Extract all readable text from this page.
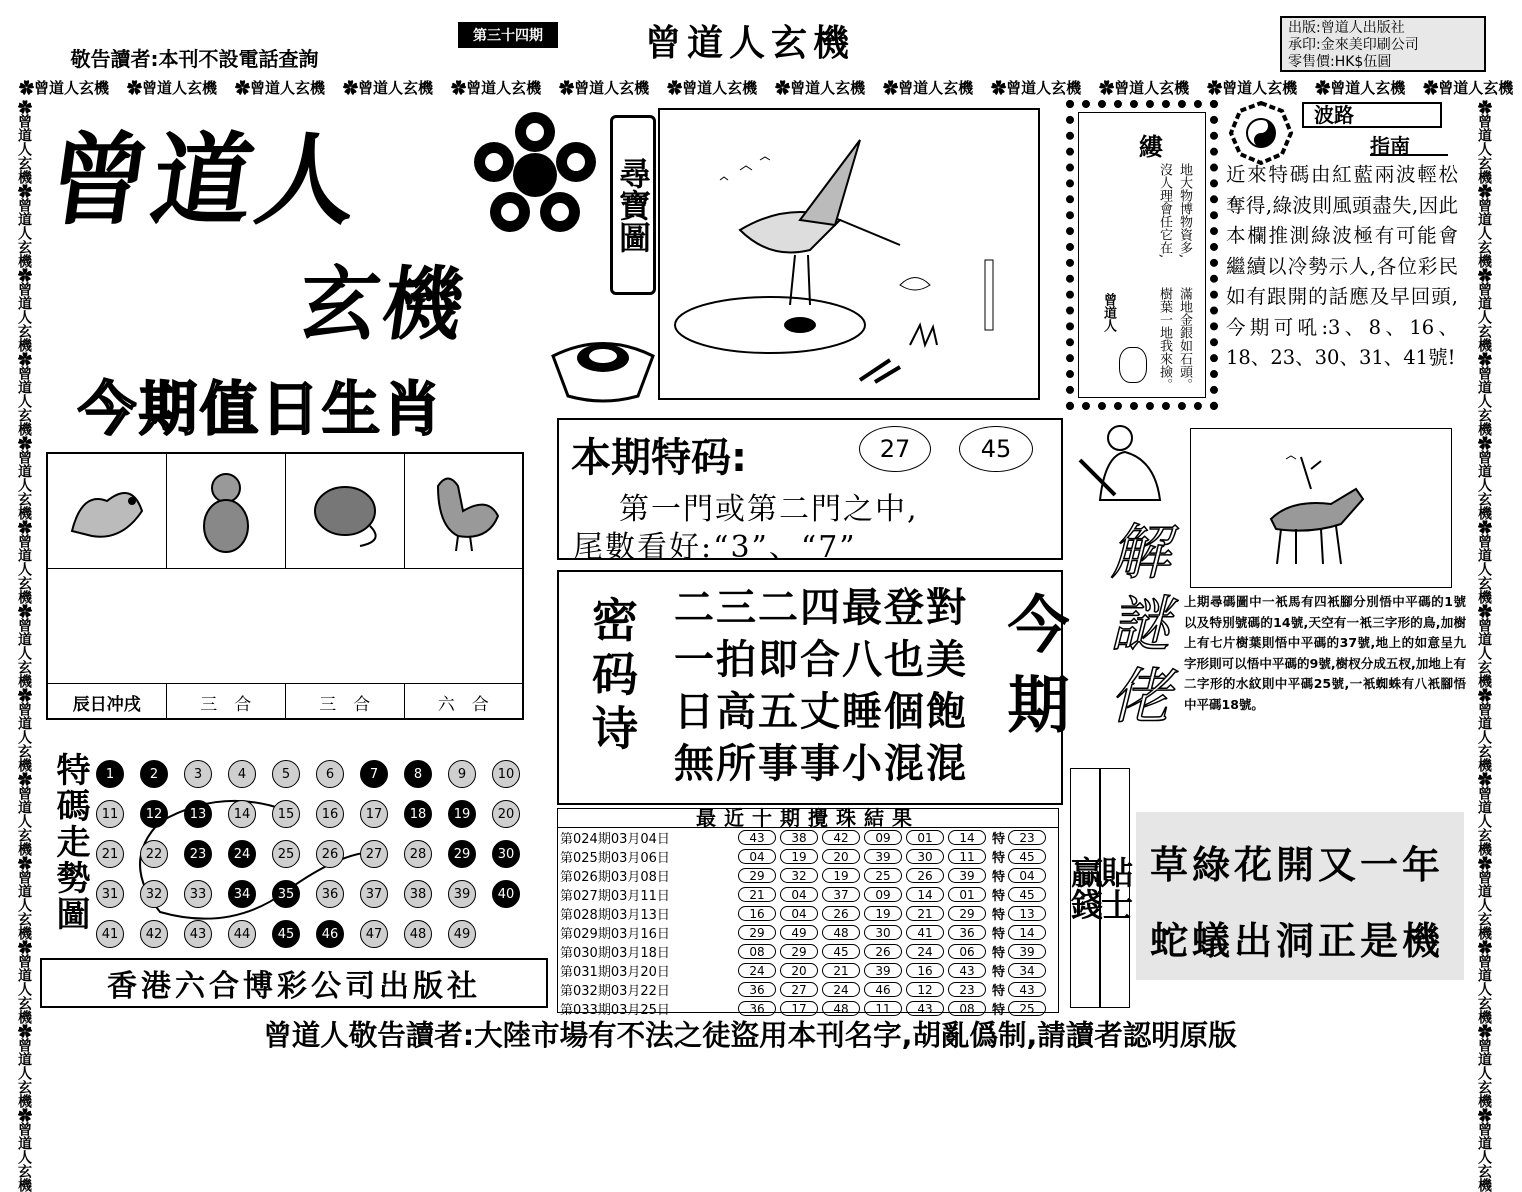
敬告讀者:本刊不設電話查詢
第三十四期	曾道人玄機	出版:曾道人出版社
承印:金來美印刷公司
零售價:HK$伍圓
✿曾道人玄機	✿曾道人玄機	✿曾道人玄機	✿曾道人玄機	✿曾道人玄機	✿曾道人玄機	✿曾道人玄機	✿曾道人玄機	✿曾道人玄機	✿曾道人玄機	✿曾道人玄機	✿曾道人玄機	✿曾道人玄機	✿曾道人玄機
✿曾道人玄機✿曾道人玄機✿曾道人玄機✿曾道人玄機✿曾道人玄機✿曾道人玄機✿曾道人玄機✿曾道人玄機✿曾道人玄機✿曾道人玄機✿曾道人玄機✿曾道人玄機✿曾道人玄機
✿曾道人玄機✿曾道人玄機✿曾道人玄機✿曾道人玄機✿曾道人玄機✿曾道人玄機✿曾道人玄機✿曾道人玄機✿曾道人玄機✿曾道人玄機✿曾道人玄機✿曾道人玄機✿曾道人玄機
曾道人
玄機
尋寶圖
縷
地大物博物資多,
滿地金銀如石頭。
沒人理會任它在,
樹葉一地我來撿。
曾道人
波路
指南
近來特碼由紅藍兩波輕松奪得,綠波則風頭盡失,因此本欄推測綠波極有可能會繼續以冷勢示人,各位彩民如有跟開的話應及早回頭,今期可吼:3、8、16、18、23、30、31、41號!
今期值日生肖
辰日冲戌	三　合	三　合	六　合
本期特码:	27	45
第一門或第二門之中,
尾數看好:“3”、“7”
密码诗 二三二四最登對
一拍即合八也美
日高五丈睡個飽
無所事事小混混
今期
特碼走勢圖	1	2	3	4	5	6	7	8	9	10
11	12	13	14	15	16	17	18	19	20
21	22	23	24	25	26	27	28	29	30
31	32	33	34	35	36	37	38	39	40
41	42	43	44	45	46	47	48	49
香港六合博彩公司出版社
最近十期攪珠結果
第024期03月04日	43	38	42	09	01	14	特	23
第025期03月06日	04	19	20	39	30	11	特	45
第026期03月08日	29	32	19	25	26	39	特	04
第027期03月11日	21	04	37	09	14	01	特	45
第028期03月13日	16	04	26	19	21	29	特	13
第029期03月16日	29	49	48	30	41	36	特	14
第030期03月18日	08	29	45	26	24	06	特	39
第031期03月20日	24	20	21	39	16	43	特	34
第032期03月22日	36	27	24	46	12	23	特	43
第033期03月25日	36	17	48	11	43	08	特	25
解謎佬	上期尋碼圖中一衹馬有四衹腳分別悟中平碼的1號以及特別號碼的14號,天空有一衹三字形的鳥,加樹上有七片樹葉則悟中平碼的37號,地上的如意呈九字形則可以悟中平碼的9號,樹杈分成五杈,加地上有二字形的水紋則中平碼25號,一衹蜘蛛有八衹腳悟中平碼18號。
贏錢
貼士 草綠花開又一年
蛇蟻出洞正是機
曾道人敬告讀者:大陸市場有不法之徒盜用本刊名字,胡亂僞制,請讀者認明原版
